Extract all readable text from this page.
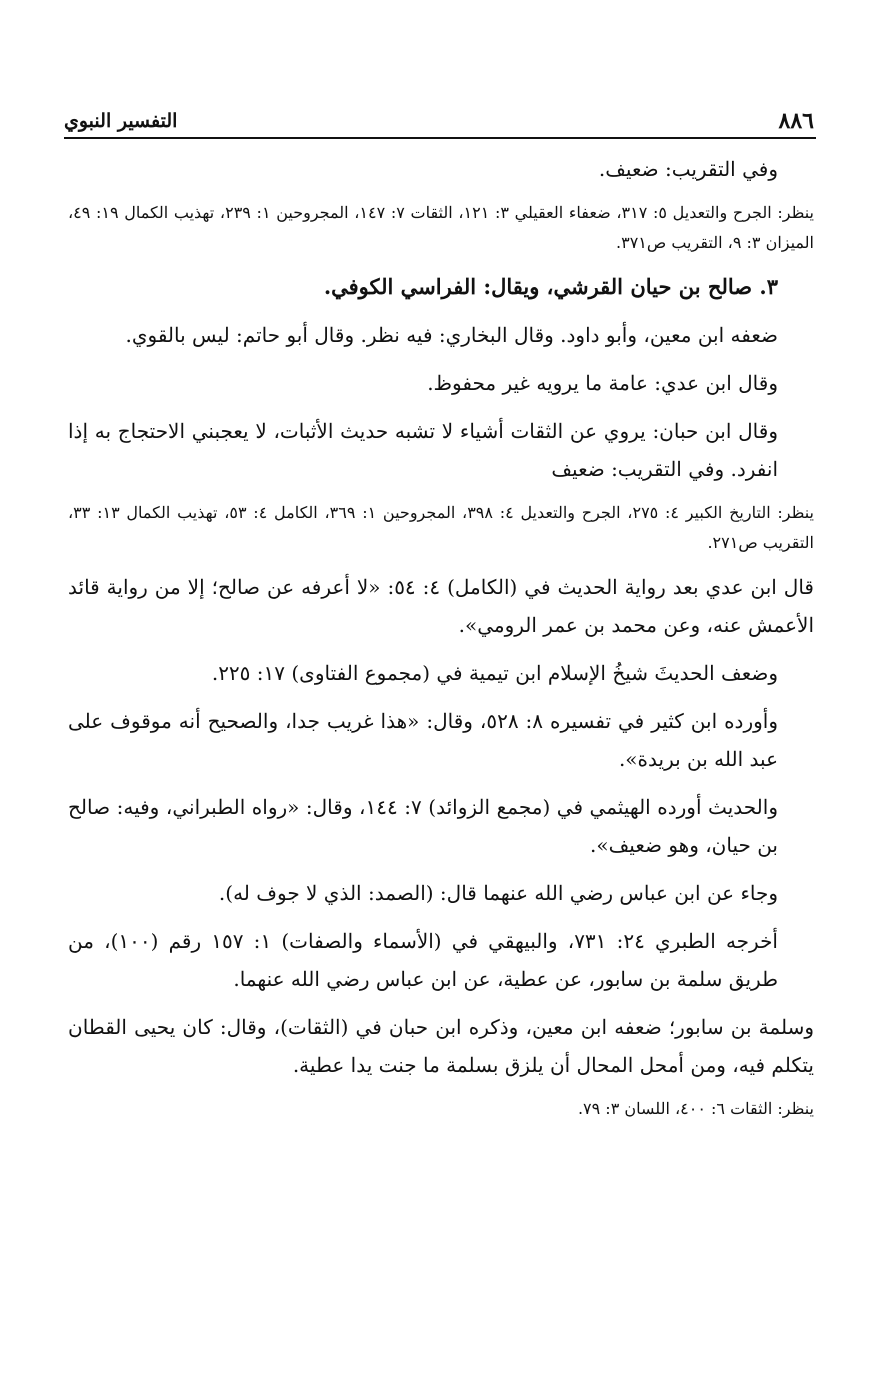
٨٨٦
التفسير النبوي

وفي التقريب: ضعيف.

ينظر: الجرح والتعديل ٥: ٣١٧، ضعفاء العقيلي ٣: ١٢١، الثقات ٧: ١٤٧، المجروحين ١: ٢٣٩، تهذيب الكمال ١٩: ٤٩، الميزان ٣: ٩، التقريب ص٣٧١.

٣. صالح بن حيان القرشي، ويقال: الفراسي الكوفي.

ضعفه ابن معين، وأبو داود. وقال البخاري: فيه نظر. وقال أبو حاتم: ليس بالقوي.

وقال ابن عدي: عامة ما يرويه غير محفوظ.

وقال ابن حبان: يروي عن الثقات أشياء لا تشبه حديث الأثبات، لا يعجبني الاحتجاج به إذا انفرد. وفي التقريب: ضعيف

ينظر: التاريخ الكبير ٤: ٢٧٥، الجرح والتعديل ٤: ٣٩٨، المجروحين ١: ٣٦٩، الكامل ٤: ٥٣، تهذيب الكمال ١٣: ٣٣، التقريب ص٢٧١.

قال ابن عدي بعد رواية الحديث في (الكامل) ٤: ٥٤: «لا أعرفه عن صالح؛ إلا من رواية قائد الأعمش عنه، وعن محمد بن عمر الرومي».

وضعف الحديثَ شيخُ الإسلام ابن تيمية في (مجموع الفتاوى) ١٧: ٢٢٥.

وأورده ابن كثير في تفسيره ٨: ٥٢٨، وقال: «هذا غريب جدا، والصحيح أنه موقوف على عبد الله بن بريدة».

والحديث أورده الهيثمي في (مجمع الزوائد) ٧: ١٤٤، وقال: «رواه الطبراني، وفيه: صالح بن حيان، وهو ضعيف».

وجاء عن ابن عباس رضي الله عنهما قال: (الصمد: الذي لا جوف له).

أخرجه الطبري ٢٤: ٧٣١، والبيهقي في (الأسماء والصفات) ١: ١٥٧ رقم (١٠٠)، من طريق سلمة بن سابور، عن عطية، عن ابن عباس رضي الله عنهما.

وسلمة بن سابور؛ ضعفه ابن معين، وذكره ابن حبان في (الثقات)، وقال: كان يحيى القطان يتكلم فيه، ومن أمحل المحال أن يلزق بسلمة ما جنت يدا عطية.

ينظر: الثقات ٦: ٤٠٠، اللسان ٣: ٧٩.
